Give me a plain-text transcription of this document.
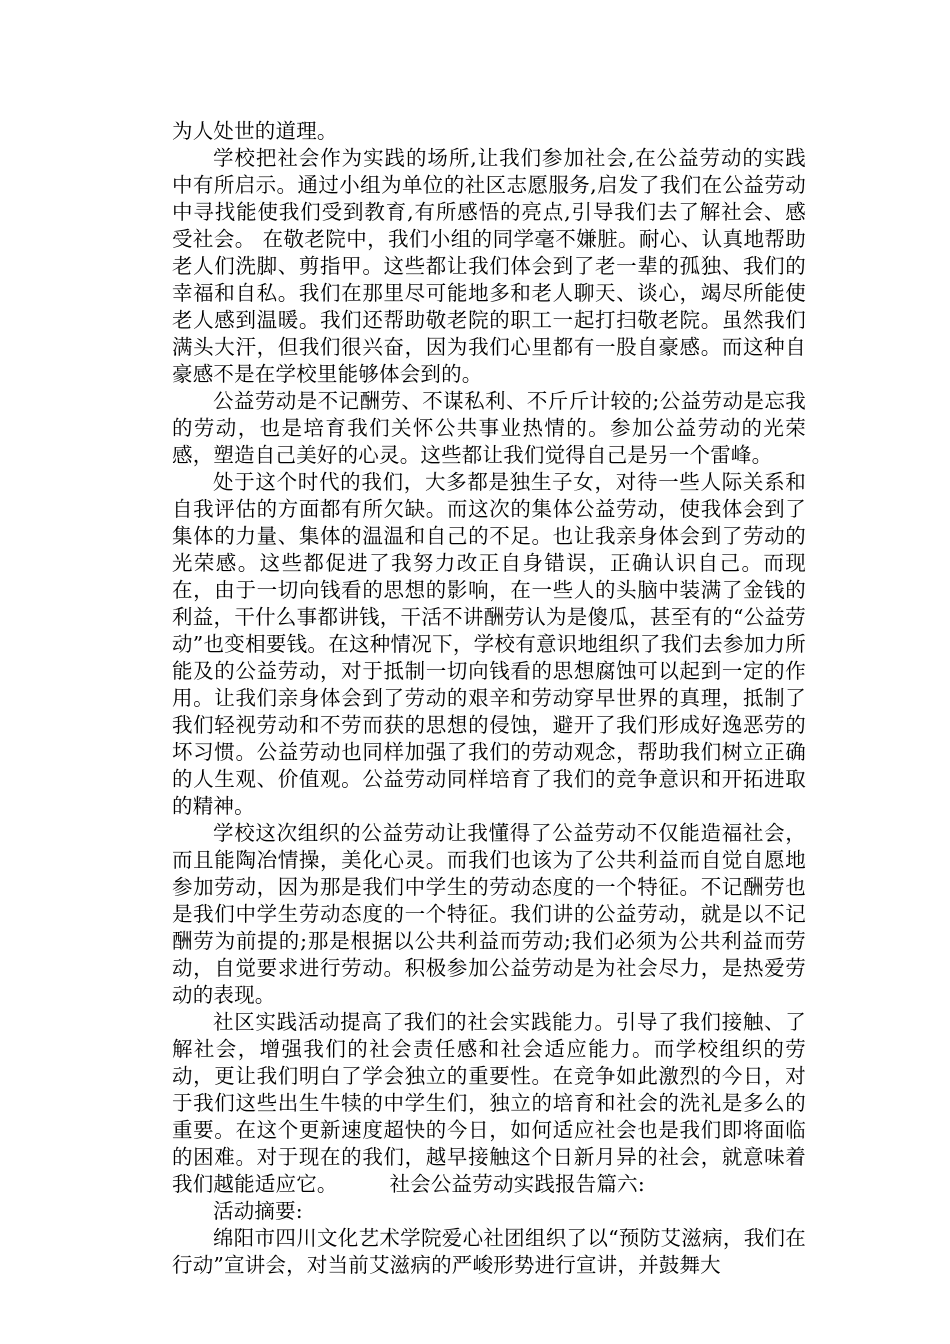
为人处世的道理。

学校把社会作为实践的场所,让我们参加社会,在公益劳动的实践中有所启示。通过小组为单位的社区志愿服务,启发了我们在公益劳动中寻找能使我们受到教育,有所感悟的亮点,引导我们去了解社会、感受社会。 在敬老院中，我们小组的同学毫不嫌脏。耐心、认真地帮助老人们洗脚、剪指甲。这些都让我们体会到了老一辈的孤独、我们的幸福和自私。我们在那里尽可能地多和老人聊天、谈心，竭尽所能使老人感到温暖。我们还帮助敬老院的职工一起打扫敬老院。虽然我们满头大汗，但我们很兴奋，因为我们心里都有一股自豪感。而这种自豪感不是在学校里能够体会到的。

公益劳动是不记酬劳、不谋私利、不斤斤计较的;公益劳动是忘我的劳动，也是培育我们关怀公共事业热情的。参加公益劳动的光荣感，塑造自己美好的心灵。这些都让我们觉得自己是另一个雷峰。

处于这个时代的我们，大多都是独生子女，对待一些人际关系和自我评估的方面都有所欠缺。而这次的集体公益劳动，使我体会到了集体的力量、集体的温温和自己的不足。也让我亲身体会到了劳动的光荣感。这些都促进了我努力改正自身错误，正确认识自己。而现在，由于一切向钱看的思想的影响，在一些人的头脑中装满了金钱的利益，干什么事都讲钱，干活不讲酬劳认为是傻瓜，甚至有的“公益劳动”也变相要钱。在这种情况下，学校有意识地组织了我们去参加力所能及的公益劳动，对于抵制一切向钱看的思想腐蚀可以起到一定的作用。让我们亲身体会到了劳动的艰辛和劳动穿早世界的真理，抵制了我们轻视劳动和不劳而获的思想的侵蚀，避开了我们形成好逸恶劳的坏习惯。公益劳动也同样加强了我们的劳动观念，帮助我们树立正确的人生观、价值观。公益劳动同样培育了我们的竞争意识和开拓进取的精神。

学校这次组织的公益劳动让我懂得了公益劳动不仅能造福社会，而且能陶冶情操，美化心灵。而我们也该为了公共利益而自觉自愿地参加劳动，因为那是我们中学生的劳动态度的一个特征。不记酬劳也是我们中学生劳动态度的一个特征。我们讲的公益劳动，就是以不记酬劳为前提的;那是根据以公共利益而劳动;我们必须为公共利益而劳动，自觉要求进行劳动。积极参加公益劳动是为社会尽力，是热爱劳动的表现。

社区实践活动提高了我们的社会实践能力。引导了我们接触、了解社会，增强我们的社会责任感和社会适应能力。而学校组织的劳动，更让我们明白了学会独立的重要性。在竞争如此激烈的今日，对于我们这些出生牛犊的中学生们，独立的培育和社会的洗礼是多么的重要。在这个更新速度超快的今日，如何适应社会也是我们即将面临的困难。对于现在的我们，越早接触这个日新月异的社会，就意味着我们越能适应它。　　　社会公益劳动实践报告篇六:

活动摘要:

绵阳市四川文化艺术学院爱心社团组织了以“预防艾滋病，我们在行动”宣讲会，对当前艾滋病的严峻形势进行宣讲，并鼓舞大
